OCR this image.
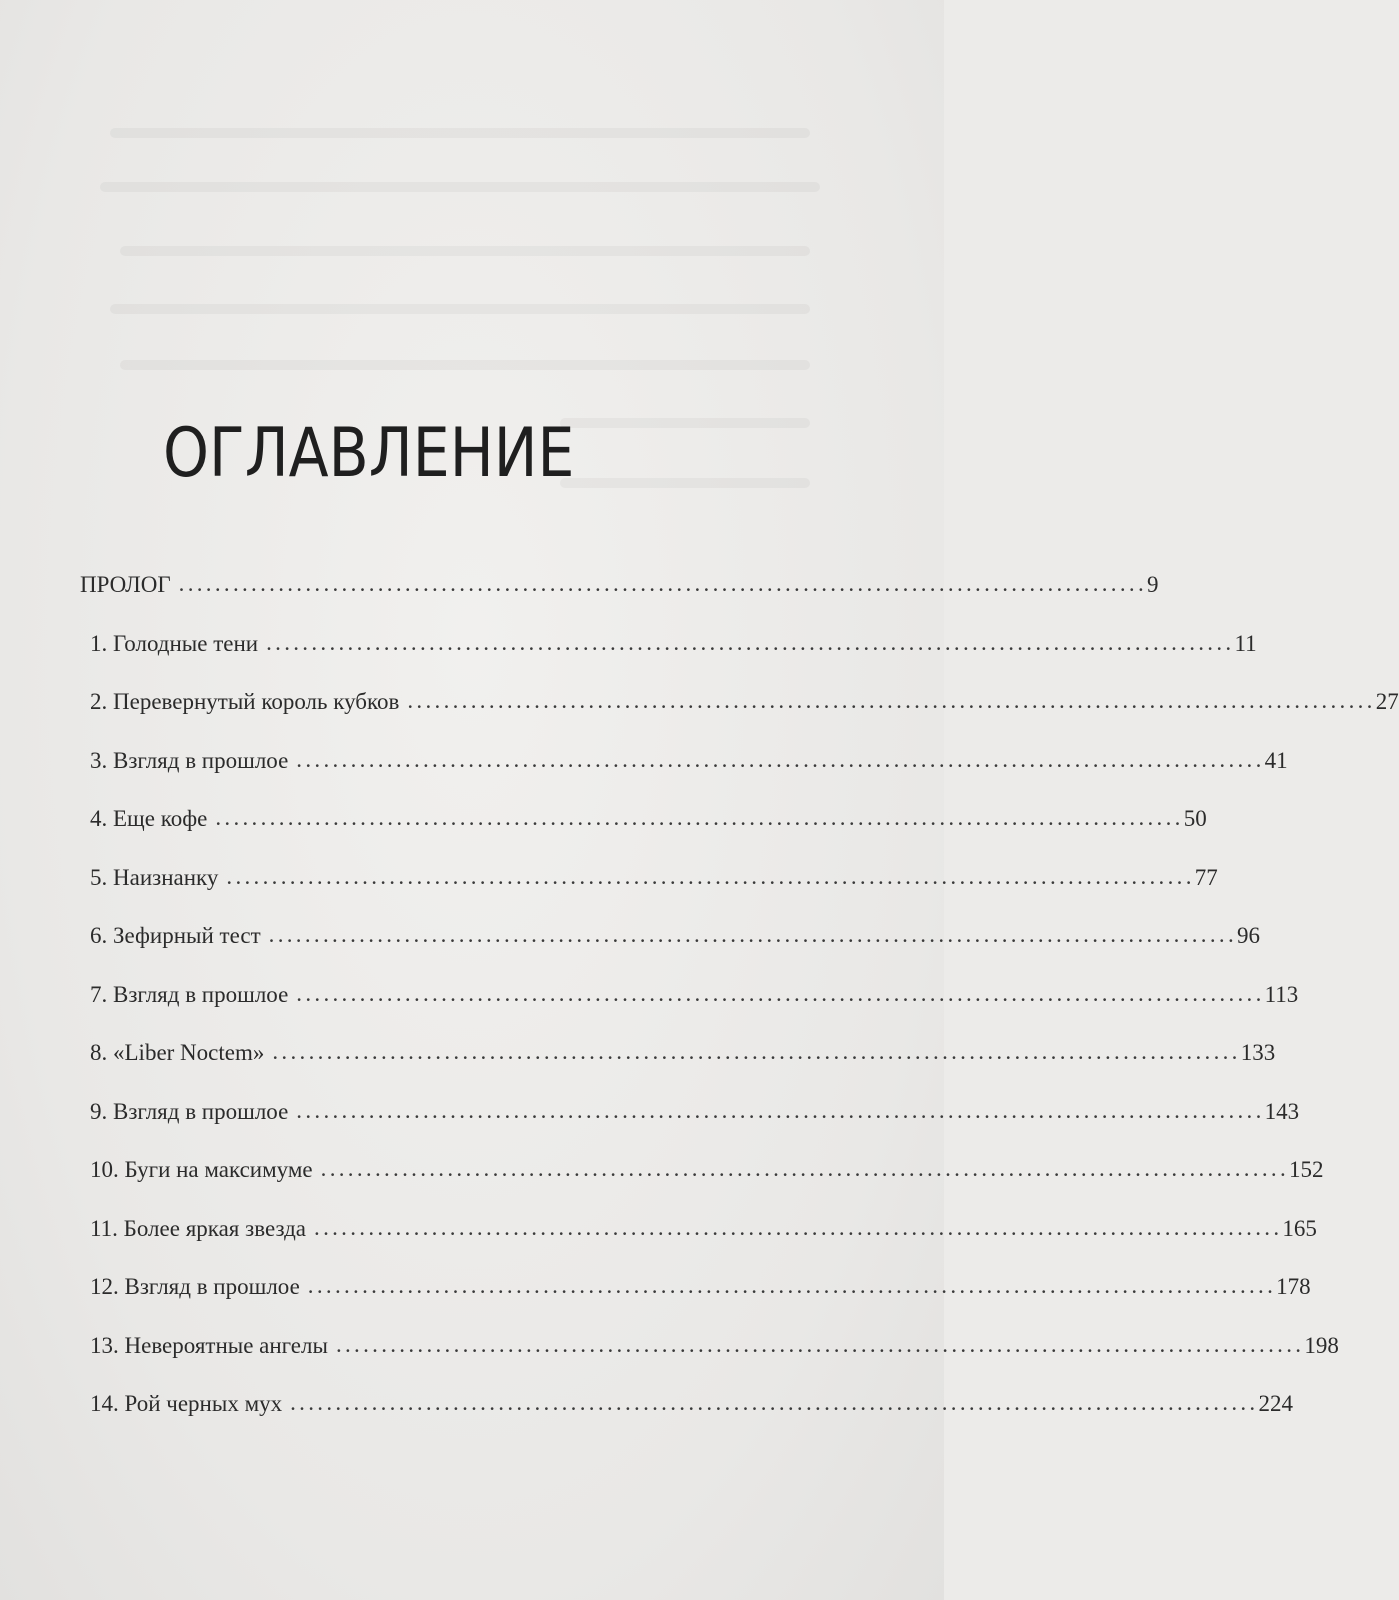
ОГЛАВЛЕНИЕ
ПРОЛОГ ........................................................................................................... 9
1. Голодные тени ........................................................................................................... 11
2. Перевернутый король кубков ........................................................................................................... 27
3. Взгляд в прошлое ........................................................................................................... 41
4. Еще кофе ........................................................................................................... 50
5. Наизнанку ........................................................................................................... 77
6. Зефирный тест ........................................................................................................... 96
7. Взгляд в прошлое ........................................................................................................... 113
8. «Liber Noctem» ........................................................................................................... 133
9. Взгляд в прошлое ........................................................................................................... 143
10. Буги на максимуме ........................................................................................................... 152
11. Более яркая звезда ........................................................................................................... 165
12. Взгляд в прошлое ........................................................................................................... 178
13. Невероятные ангелы ........................................................................................................... 198
14. Рой черных мух ........................................................................................................... 224
